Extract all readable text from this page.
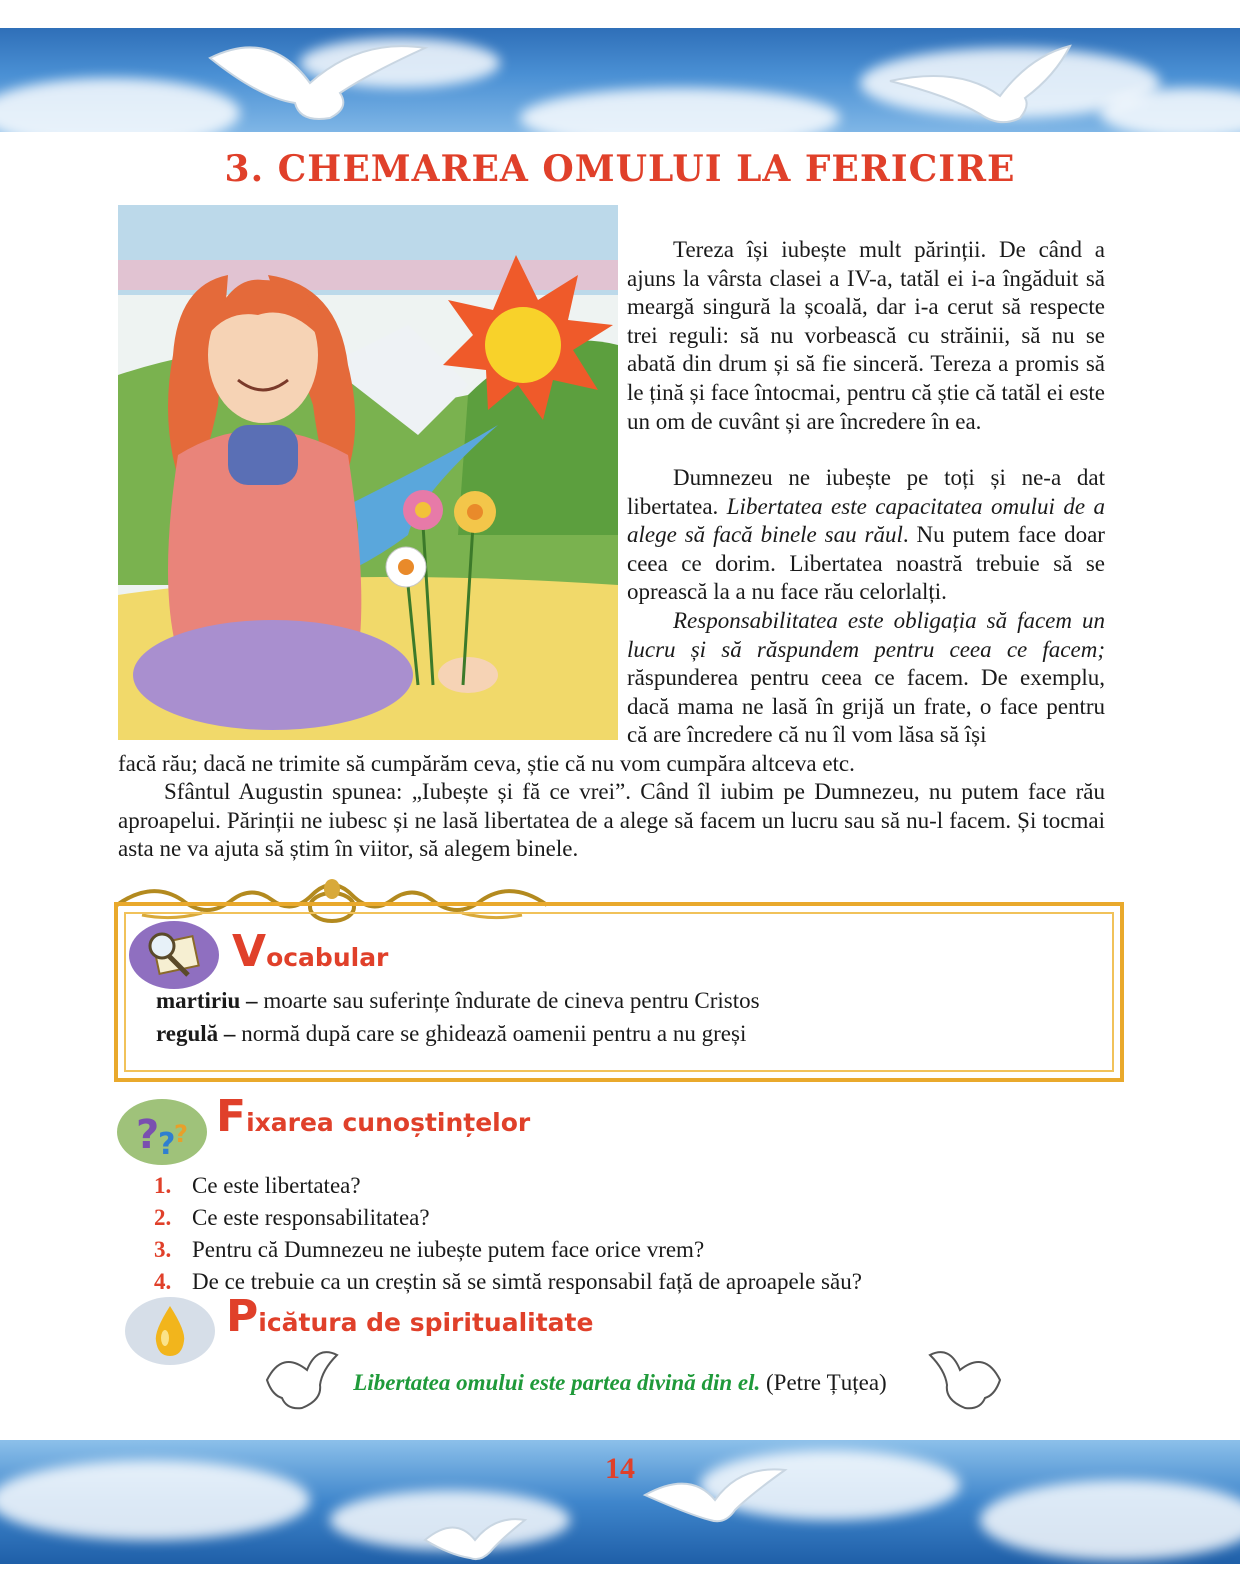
3. CHEMAREA OMULUI LA FERICIRE

Tereza își iubește mult părinții. De când a ajuns la vârsta clasei a IV-a, tatăl ei i-a îngăduit să meargă singură la școală, dar i-a cerut să respecte trei reguli: să nu vorbească cu străinii, să nu se abată din drum și să fie sinceră. Tereza a promis să le țină și face întocmai, pentru că știe că tatăl ei este un om de cuvânt și are încredere în ea.

Dumnezeu ne iubește pe toți și ne-a dat libertatea. Libertatea este capacitatea omului de a alege să facă binele sau răul. Nu putem face doar ceea ce dorim. Libertatea noastră trebuie să se oprească la a nu face rău celorlalți.

Responsabilitatea este obligația să facem un lucru și să răspundem pentru ceea ce facem; răspunderea pentru ceea ce facem. De exemplu, dacă mama ne lasă în grijă un frate, o face pentru că are încredere că nu îl vom lăsa să își

facă rău; dacă ne trimite să cumpărăm ceva, știe că nu vom cumpăra altceva etc.

Sfântul Augustin spunea: „Iubește și fă ce vrei”. Când îl iubim pe Dumnezeu, nu putem face rău aproapelui. Părinții ne iubesc și ne lasă libertatea de a alege să facem un lucru sau să nu-l facem. Și tocmai asta ne va ajuta să știm în viitor, să alegem binele.

Vocabular

martiriu – moarte sau suferințe îndurate de cineva pentru Cristos

regulă – normă după care se ghidează oamenii pentru a nu greși

?
?
? Fixarea cunoștințelor
1. Ce este libertatea?
2. Ce este responsabilitatea?
3. Pentru că Dumnezeu ne iubește putem face orice vrem?
4. De ce trebuie ca un creștin să se simtă responsabil față de aproapele său?
Picătura de spiritualitate

Libertatea omului este partea divină din el. (Petre Țuțea)

14
